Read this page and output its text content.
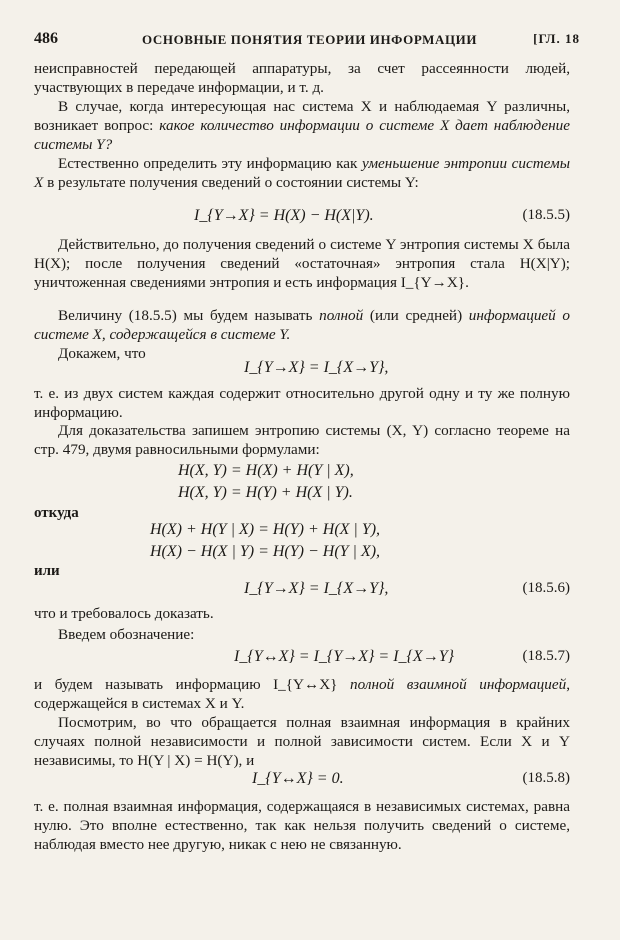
486	ОСНОВНЫЕ ПОНЯТИЯ ТЕОРИИ ИНФОРМАЦИИ	[ГЛ. 18

неисправностей передающей аппаратуры, за счет рассеянности людей, участвующих в передаче информации, и т. д.

В случае, когда интересующая нас система X и наблюдаемая Y различны, возникает вопрос: какое количество информации о системе X дает наблюдение системы Y?

Естественно определить эту информацию как уменьшение энтропии системы X в результате получения сведений о состоянии системы Y:

I_{Y→X} = H(X) − H(X|Y).	(18.5.5)

Действительно, до получения сведений о системе Y энтропия системы X была H(X); после получения сведений «остаточная» энтропия стала H(X|Y); уничтоженная сведениями энтропия и есть информация I_{Y→X}.

Величину (18.5.5) мы будем называть полной (или средней) информацией о системе X, содержащейся в системе Y.

Докажем, что

I_{Y→X} = I_{X→Y},

т. е. из двух систем каждая содержит относительно другой одну и ту же полную информацию.

Для доказательства запишем энтропию системы (X, Y) согласно теореме на стр. 479, двумя равносильными формулами:

H(X, Y) = H(X) + H(Y | X),
H(X, Y) = H(Y) + H(X | Y).
откуда
H(X) + H(Y | X) = H(Y) + H(X | Y),
H(X) − H(X | Y) = H(Y) − H(Y | X),
или
I_{Y→X} = I_{X→Y},	(18.5.6)

что и требовалось доказать.

Введем обозначение:

I_{Y↔X} = I_{Y→X} = I_{X→Y}	(18.5.7)

и будем называть информацию I_{Y↔X} полной взаимной информацией, содержащейся в системах X и Y.

Посмотрим, во что обращается полная взаимная информация в крайних случаях полной независимости и полной зависимости систем. Если X и Y независимы, то H(Y | X) = H(Y), и

I_{Y↔X} = 0.	(18.5.8)

т. е. полная взаимная информация, содержащаяся в независимых системах, равна нулю. Это вполне естественно, так как нельзя получить сведений о системе, наблюдая вместо нее другую, никак с нею не связанную.
